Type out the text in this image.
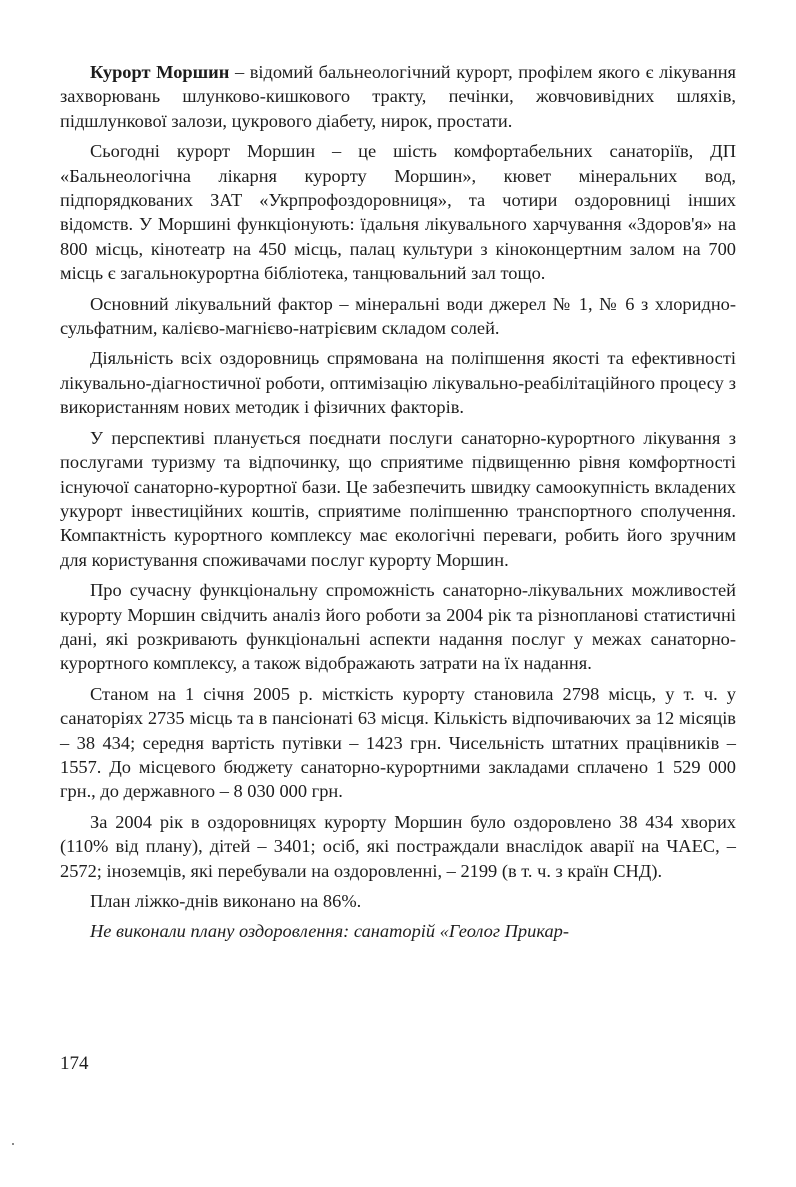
Курорт Моршин – відомий бальнеологічний курорт, профілем якого є лікування захворювань шлунково-кишкового тракту, печінки, жовчовивідних шляхів, підшлункової залози, цукрового діабету, нирок, простати.

Сьогодні курорт Моршин – це шість комфортабельних санаторіїв, ДП «Бальнеологічна лікарня курорту Моршин», кювет мінеральних вод, підпорядкованих ЗАТ «Укрпрофоздоровниця», та чотири оздоровниці інших відомств. У Моршині функціонують: їдальня лікувального харчування «Здоров'я» на 800 місць, кінотеатр на 450 місць, палац культури з кіноконцертним залом на 700 місць є загальнокурортна бібліотека, танцювальний зал тощо.

Основний лікувальний фактор – мінеральні води джерел № 1, № 6 з хлоридно-сульфатним, калієво-магнієво-натрієвим складом солей.

Діяльність всіх оздоровниць спрямована на поліпшення якості та ефективності лікувально-діагностичної роботи, оптимізацію лікувально-реабілітаційного процесу з використанням нових методик і фізичних факторів.

У перспективі планується поєднати послуги санаторно-курортного лікування з послугами туризму та відпочинку, що сприятиме підвищенню рівня комфортності існуючої санаторно-курортної бази. Це забезпечить швидку самоокупність вкладених укурорт інвестиційних коштів, сприятиме поліпшенню транспортного сполучення. Компактність курортного комплексу має екологічні переваги, робить його зручним для користування споживачами послуг курорту Моршин.

Про сучасну функціональну спроможність санаторно-лікувальних можливостей курорту Моршин свідчить аналіз його роботи за 2004 рік та різнопланові статистичні дані, які розкривають функціональні аспекти надання послуг у межах санаторно-курортного комплексу, а також відображають затрати на їх надання.

Станом на 1 січня 2005 р. місткість курорту становила 2798 місць, у т. ч. у санаторіях 2735 місць та в пансіонаті 63 місця. Кількість відпочиваючих за 12 місяців – 38 434; середня вартість путівки – 1423 грн. Чисельність штатних працівників – 1557. До місцевого бюджету санаторно-курортними закладами сплачено 1 529 000 грн., до державного – 8 030 000 грн.

За 2004 рік в оздоровницях курорту Моршин було оздоровлено 38 434 хворих (110% від плану), дітей – 3401; осіб, які постраждали внаслідок аварії на ЧАЕС, – 2572; іноземців, які перебували на оздоровленні, – 2199 (в т. ч. з країн СНД).

План ліжко-днів виконано на 86%.

Не виконали плану оздоровлення: санаторій «Геолог Прикар-

174
